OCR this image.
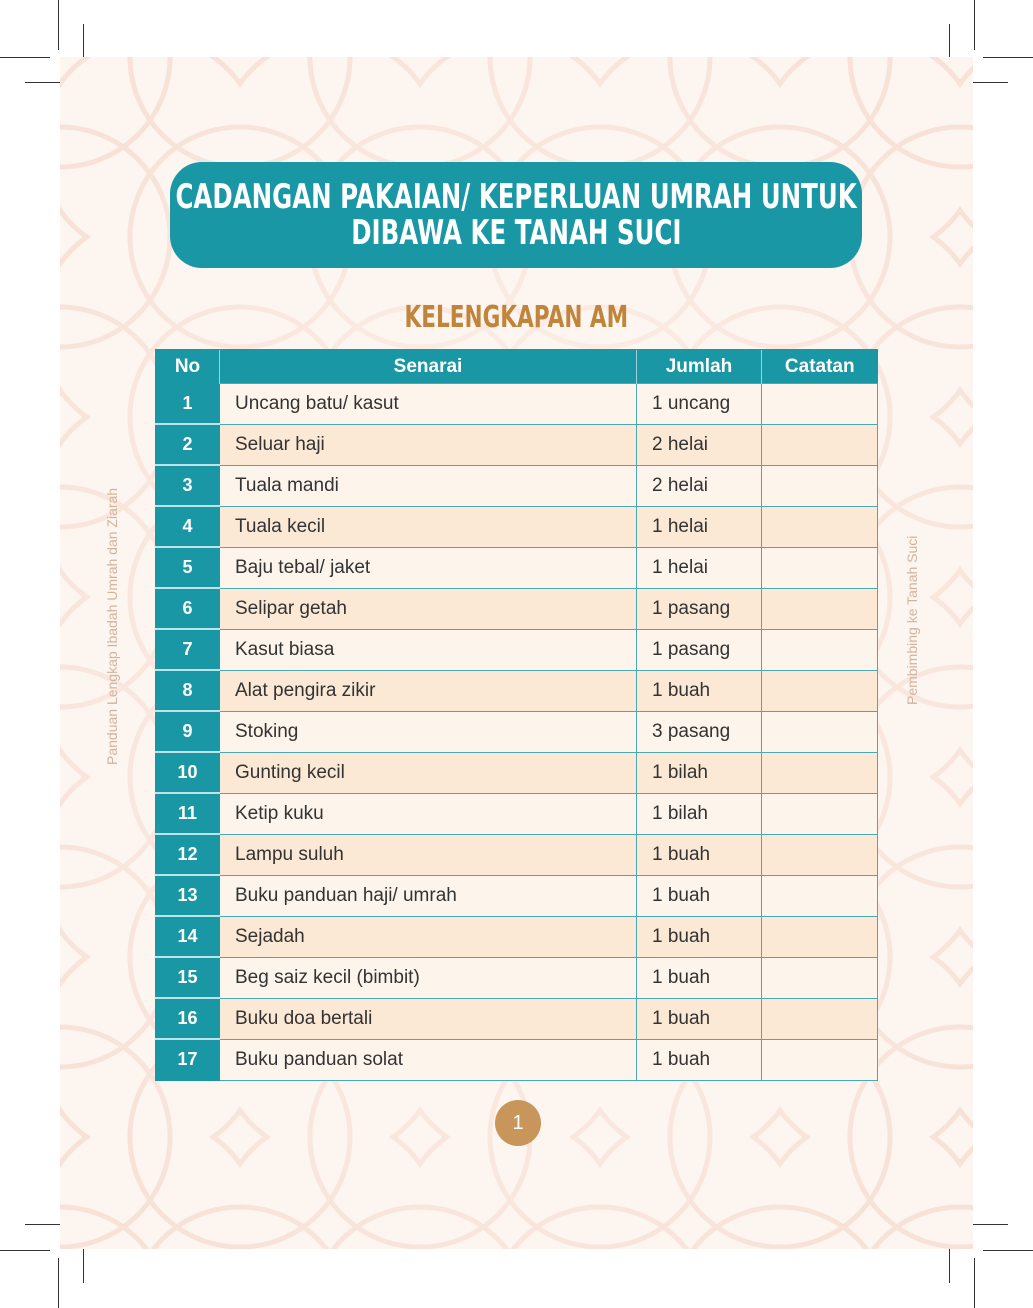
CADANGAN PAKAIAN/ KEPERLUAN UMRAH UNTUK
DIBAWA KE TANAH SUCI
KELENGKAPAN AM
No	Senarai	Jumlah	Catatan
1	Uncang batu/ kasut	1 uncang	
2	Seluar haji	2 helai	
3	Tuala mandi	2 helai	
4	Tuala kecil	1 helai	
5	Baju tebal/ jaket	1 helai	
6	Selipar getah	1 pasang	
7	Kasut biasa	1 pasang	
8	Alat pengira zikir	1 buah	
9	Stoking	3 pasang	
10	Gunting kecil	1 bilah	
11	Ketip kuku	1 bilah	
12	Lampu suluh	1 buah	
13	Buku panduan haji/ umrah	1 buah	
14	Sejadah	1 buah	
15	Beg saiz kecil (bimbit)	1 buah	
16	Buku doa bertali	1 buah	
17	Buku panduan solat	1 buah	
Panduan Lengkap Ibadah Umrah dan Ziarah	Pembimbing ke Tanah Suci
1
